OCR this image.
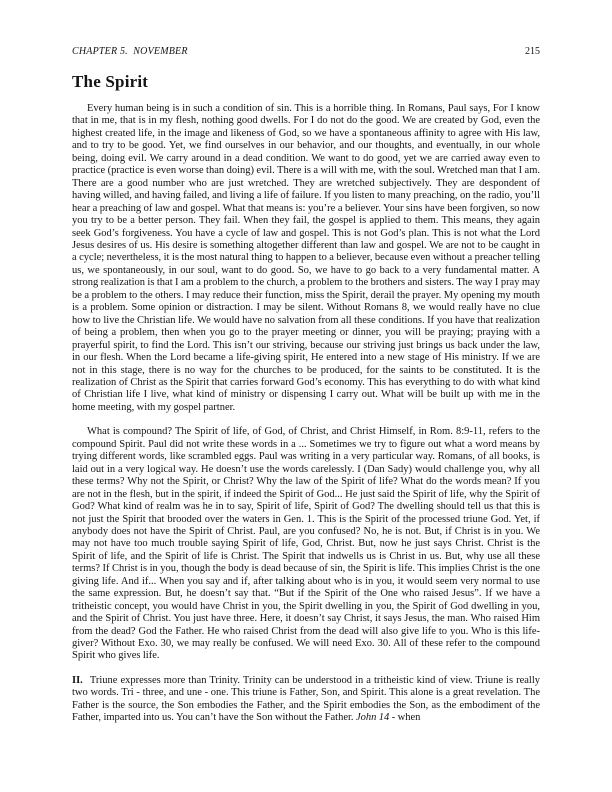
CHAPTER 5.  NOVEMBER	215
The Spirit

Every human being is in such a condition of sin. This is a horrible thing. In Romans, Paul says, For I know that in me, that is in my flesh, nothing good dwells. For I do not do the good. We are created by God, even the highest created life, in the image and likeness of God, so we have a spontaneous affinity to agree with His law, and to try to be good. Yet, we find ourselves in our behavior, and our thoughts, and eventually, in our whole being, doing evil. We carry around in a dead condition. We want to do good, yet we are carried away even to practice (practice is even worse than doing) evil. There is a will with me, with the soul. Wretched man that I am. There are a good number who are just wretched. They are wretched subjectively. They are despondent of having willed, and having failed, and living a life of failure. If you listen to many preaching, on the radio, you’ll hear a preaching of law and gospel. What that means is: you’re a believer. Your sins have been forgiven, so now you try to be a better person. They fail. When they fail, the gospel is applied to them. This means, they again seek God’s forgiveness. You have a cycle of law and gospel. This is not God’s plan. This is not what the Lord Jesus desires of us. His desire is something altogether different than law and gospel. We are not to be caught in a cycle; nevertheless, it is the most natural thing to happen to a believer, because even without a preacher telling us, we spontaneously, in our soul, want to do good. So, we have to go back to a very fundamental matter. A strong realization is that I am a problem to the church, a problem to the brothers and sisters. The way I pray may be a problem to the others. I may reduce their function, miss the Spirit, derail the prayer. My opening my mouth is a problem. Some opinion or distraction. I may be silent. Without Romans 8, we would really have no clue how to live the Christian life. We would have no salvation from all these conditions. If you have that realization of being a problem, then when you go to the prayer meeting or dinner, you will be praying; praying with a prayerful spirit, to find the Lord. This isn’t our striving, because our striving just brings us back under the law, in our flesh. When the Lord became a life-giving spirit, He entered into a new stage of His ministry. If we are not in this stage, there is no way for the churches to be produced, for the saints to be constituted. It is the realization of Christ as the Spirit that carries forward God’s economy. This has everything to do with what kind of Christian life I live, what kind of ministry or dispensing I carry out. What will be built up with me in the home meeting, with my gospel partner.

What is compound? The Spirit of life, of God, of Christ, and Christ Himself, in Rom. 8:9-11, refers to the compound Spirit. Paul did not write these words in a ... Sometimes we try to figure out what a word means by trying different words, like scrambled eggs. Paul was writing in a very particular way. Romans, of all books, is laid out in a very logical way. He doesn’t use the words carelessly. I (Dan Sady) would challenge you, why all these terms? Why not the Spirit, or Christ? Why the law of the Spirit of life? What do the words mean? If you are not in the flesh, but in the spirit, if indeed the Spirit of God... He just said the Spirit of life, why the Spirit of God? What kind of realm was he in to say, Spirit of life, Spirit of God? The dwelling should tell us that this is not just the Spirit that brooded over the waters in Gen. 1. This is the Spirit of the processed triune God. Yet, if anybody does not have the Spirit of Christ. Paul, are you confused? No, he is not. But, if Christ is in you. We may not have too much trouble saying Spirit of life, God, Christ. But, now he just says Christ. Christ is the Spirit of life, and the Spirit of life is Christ. The Spirit that indwells us is Christ in us. But, why use all these terms? If Christ is in you, though the body is dead because of sin, the Spirit is life. This implies Christ is the one giving life. And if... When you say and if, after talking about who is in you, it would seem very normal to use the same expression. But, he doesn’t say that. “But if the Spirit of the One who raised Jesus”. If we have a tritheistic concept, you would have Christ in you, the Spirit dwelling in you, the Spirit of God dwelling in you, and the Spirit of Christ. You just have three. Here, it doesn’t say Christ, it says Jesus, the man. Who raised Him from the dead? God the Father. He who raised Christ from the dead will also give life to you. Who is this life-giver? Without Exo. 30, we may really be confused. We will need Exo. 30. All of these refer to the compound Spirit who gives life.

II. Triune expresses more than Trinity. Trinity can be understood in a tritheistic kind of view. Triune is really two words. Tri - three, and une - one. This triune is Father, Son, and Spirit. This alone is a great revelation. The Father is the source, the Son embodies the Father, and the Spirit embodies the Son, as the embodiment of the Father, imparted into us. You can’t have the Son without the Father. John 14 - when
